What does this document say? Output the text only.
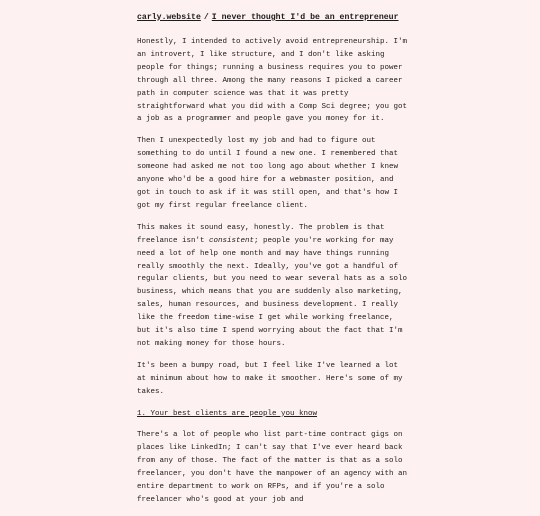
carly.website / I never thought I'd be an entrepreneur

Honestly, I intended to actively avoid entrepreneurship. I'm an introvert, I like structure, and I don't like asking people for things; running a business requires you to power through all three. Among the many reasons I picked a career path in computer science was that it was pretty straightforward what you did with a Comp Sci degree; you got a job as a programmer and people gave you money for it.

Then I unexpectedly lost my job and had to figure out something to do until I found a new one. I remembered that someone had asked me not too long ago about whether I knew anyone who'd be a good hire for a webmaster position, and got in touch to ask if it was still open, and that's how I got my first regular freelance client.

This makes it sound easy, honestly. The problem is that freelance isn't consistent; people you're working for may need a lot of help one month and may have things running really smoothly the next. Ideally, you've got a handful of regular clients, but you need to wear several hats as a solo business, which means that you are suddenly also marketing, sales, human resources, and business development. I really like the freedom time-wise I get while working freelance, but it's also time I spend worrying about the fact that I'm not making money for those hours.

It's been a bumpy road, but I feel like I've learned a lot at minimum about how to make it smoother. Here's some of my takes.

1. Your best clients are people you know

There's a lot of people who list part-time contract gigs on places like LinkedIn; I can't say that I've ever heard back from any of those. The fact of the matter is that as a solo freelancer, you don't have the manpower of an agency with an entire department to work on RFPs, and if you're a solo freelancer who's good at your job and
